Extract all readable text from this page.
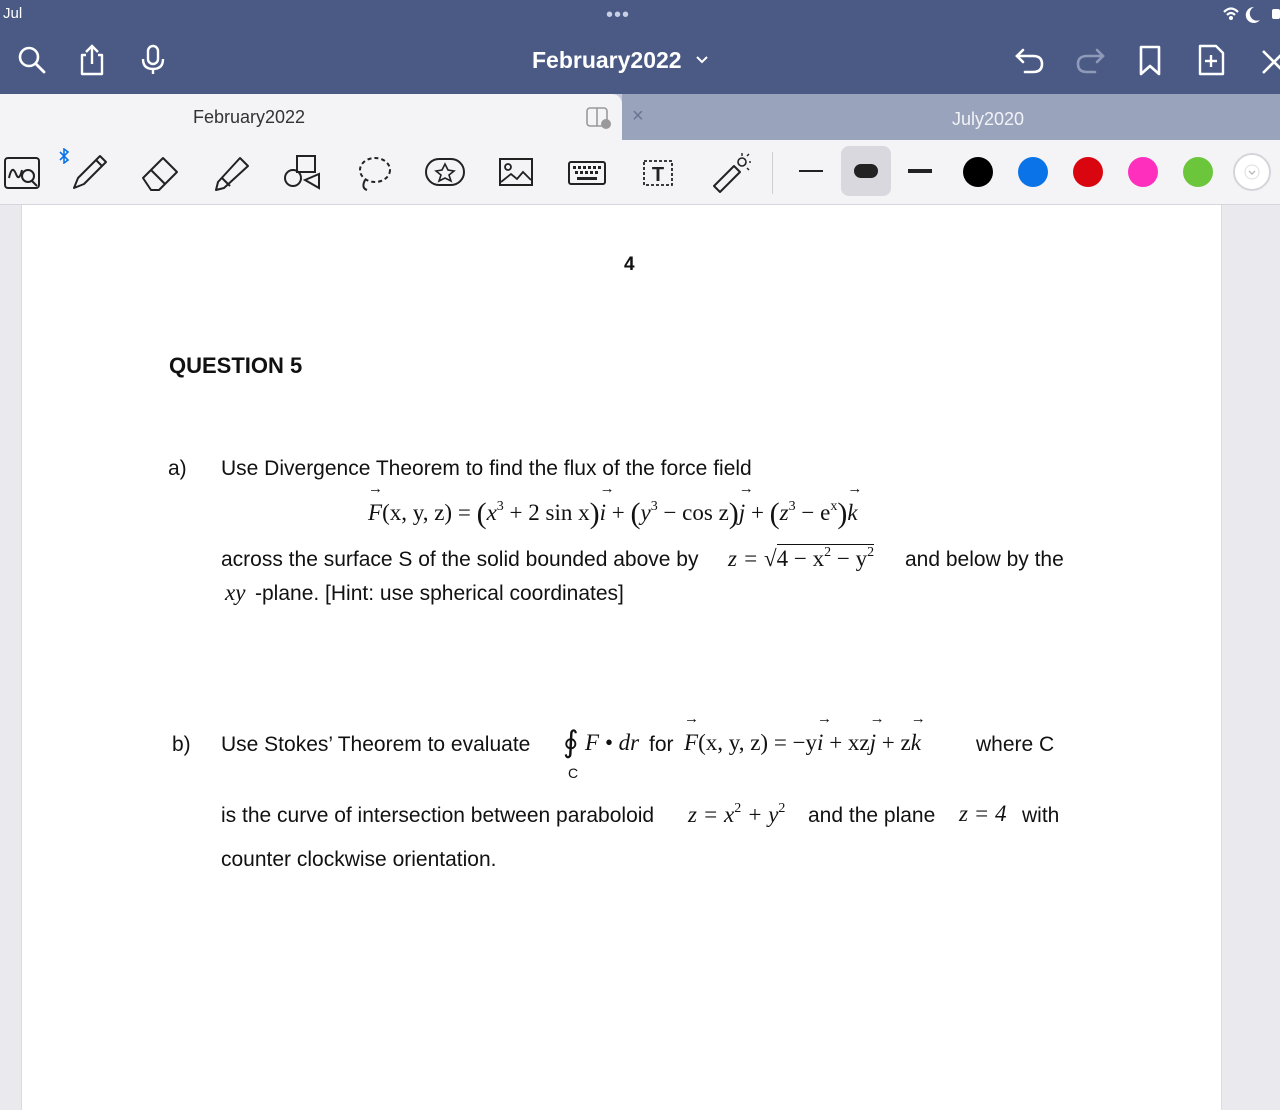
Jul	•••
February2022
February2022	×	July2020
T
4
QUESTION 5
a) Use Divergence Theorem to find the flux of the force field
→ F(x, y, $z) = (x^3 + 2$ $\sin x)\to i + (y^3 - \cos z)\to j + (z^3 - e^x)\to k$
across the surface S of the solid bounded above by $z = √4 - x^2 - y^2$ and below by the
xy -plane. [Hint: use spherical coordinates]
b) Use Stokes’ Theorem to evaluate ∮
C
F • dr for
→ F(x, y, z) = −y→ i + xz→ j + z→ k	where C
is the curve of intersection between paraboloid $z = x^2 + y^2$ and the plane z = 4 with
counter clockwise orientation.
